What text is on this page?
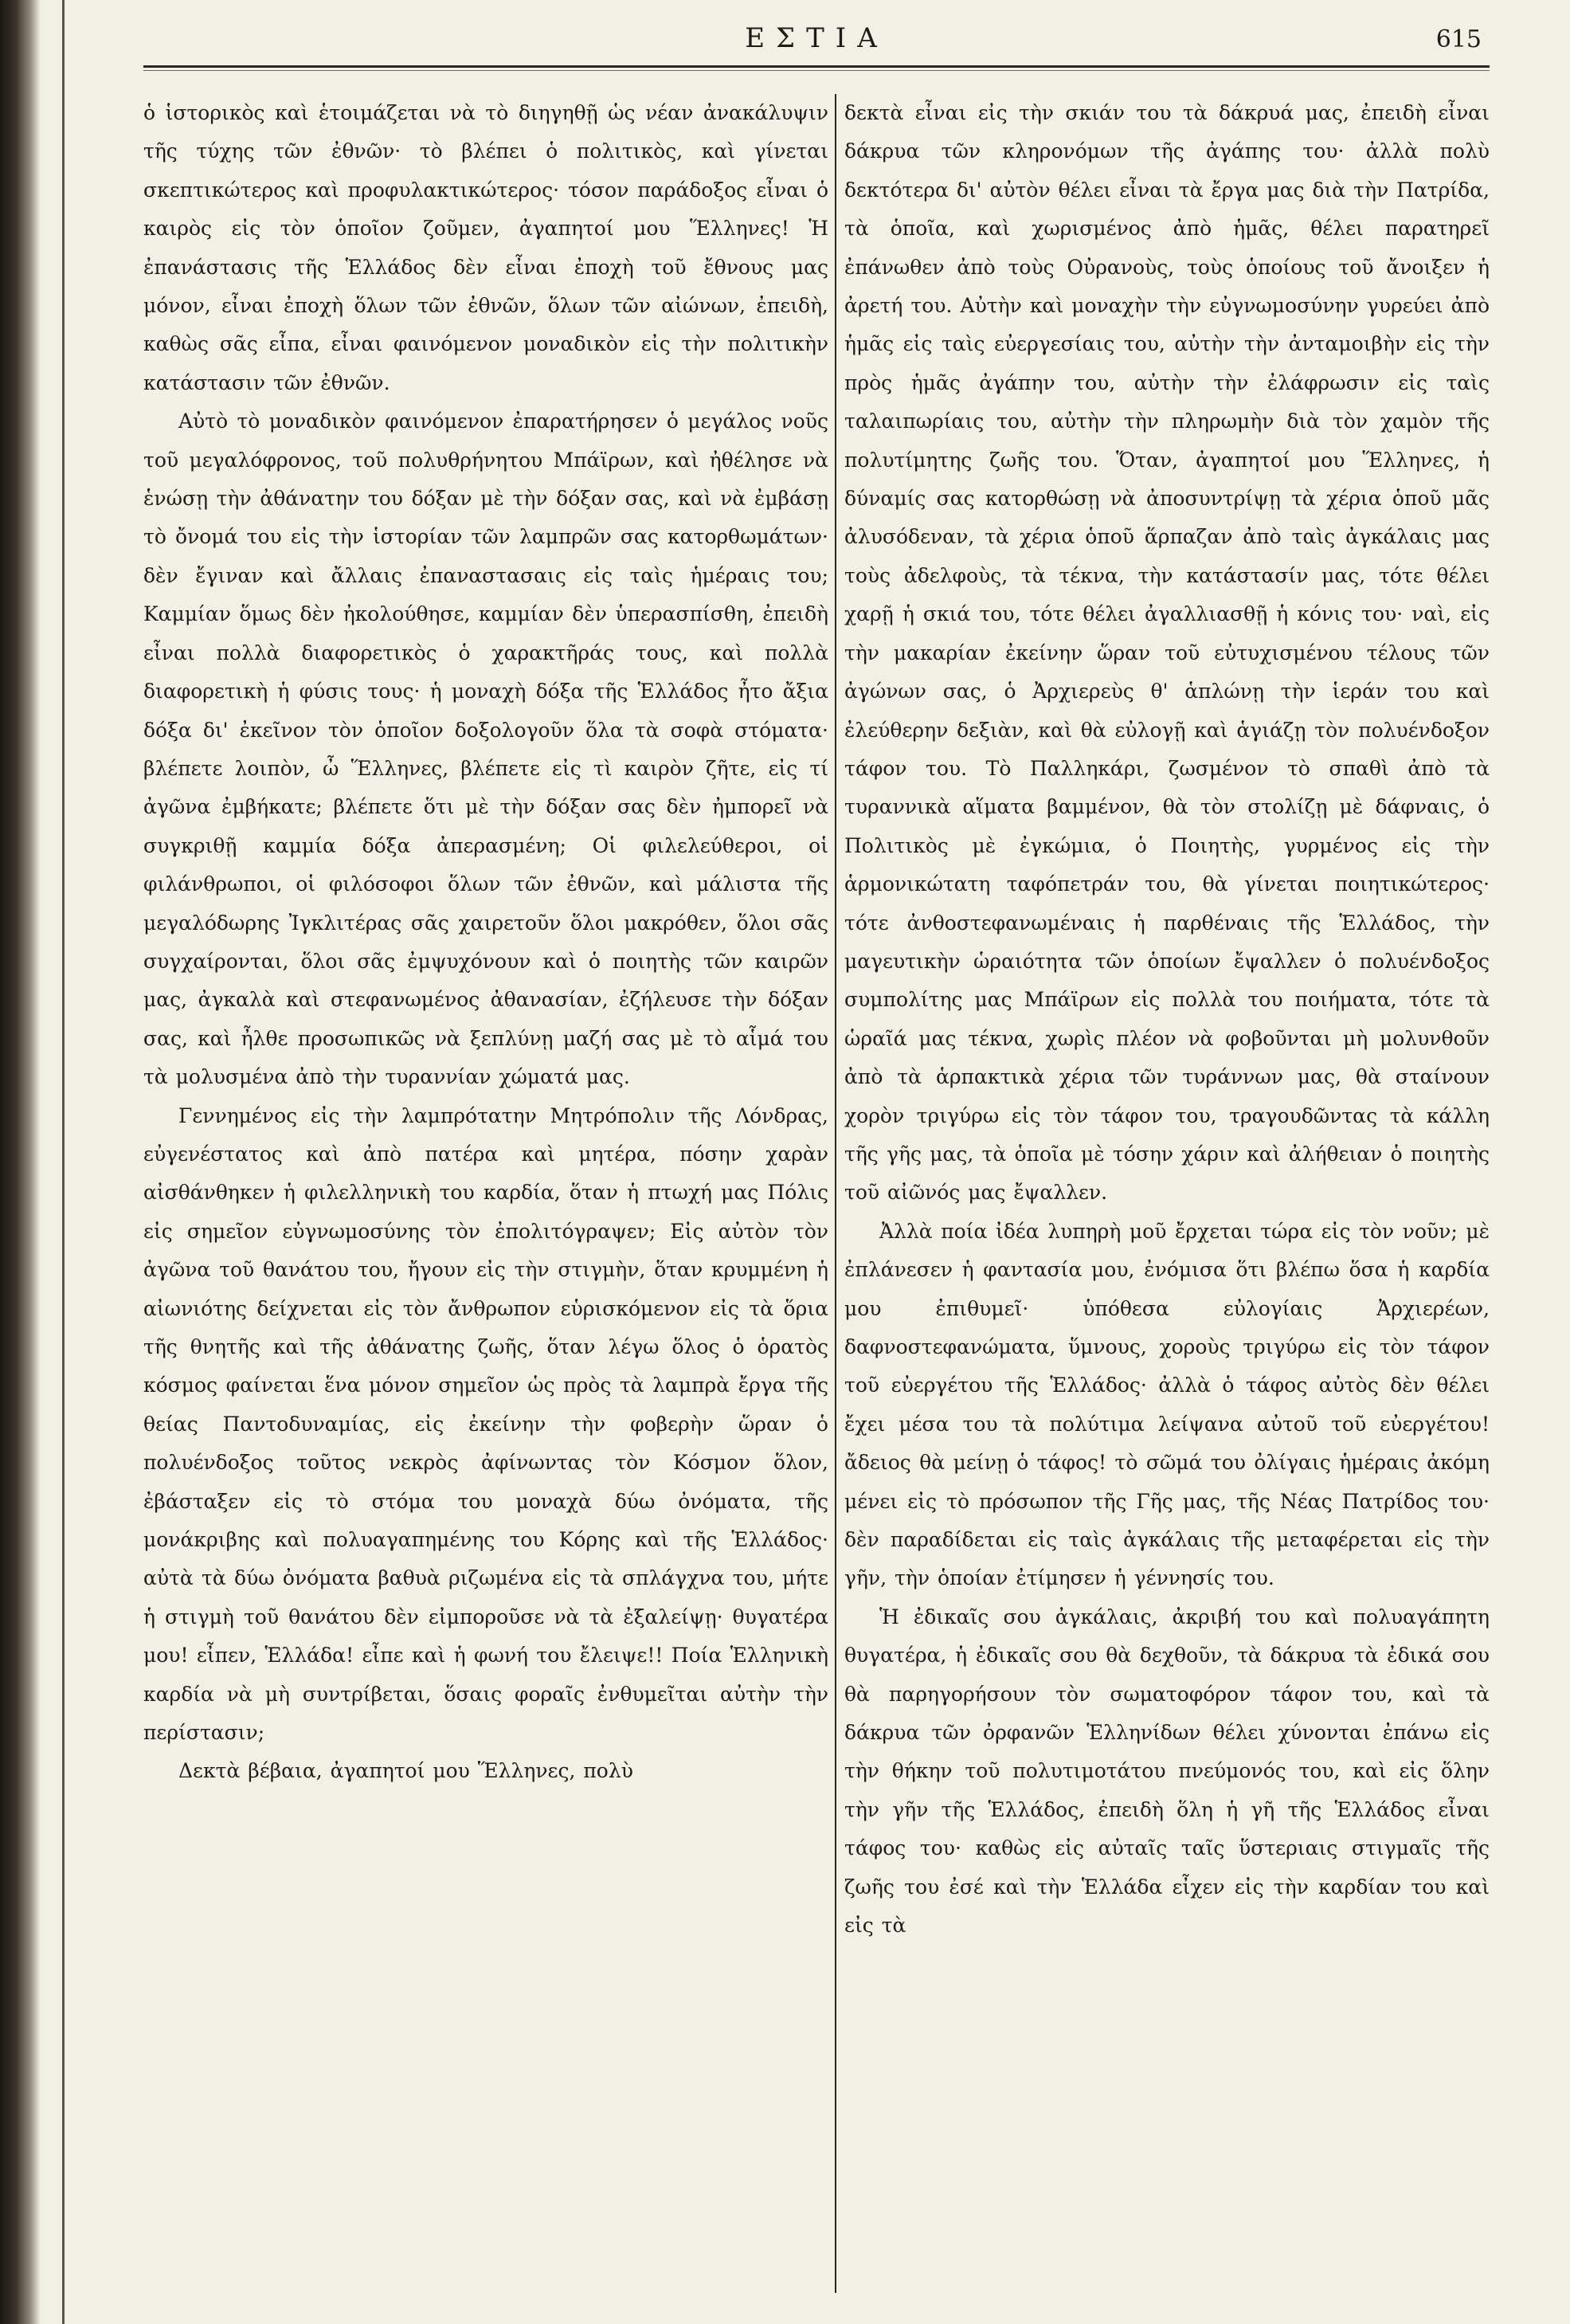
ΕΣΤΙΑ	615

ὁ ἱστορικὸς καὶ ἑτοιμάζεται νὰ τὸ διηγηθῇ ὡς νέαν ἀνακάλυψιν τῆς τύχης τῶν ἐθνῶν· τὸ βλέπει ὁ πολιτικὸς, καὶ γίνεται σκεπτικώτερος καὶ προφυλακτικώτερος· τόσον παράδοξος εἶναι ὁ καιρὸς εἰς τὸν ὁποῖον ζοῦμεν, ἀγαπητοί μου Ἕλληνες! Ἡ ἐπανάστασις τῆς Ἑλλάδος δὲν εἶναι ἐποχὴ τοῦ ἔθνους μας μόνον, εἶναι ἐποχὴ ὅλων τῶν ἐθνῶν, ὅλων τῶν αἰώνων, ἐπειδὴ, καθὼς σᾶς εἶπα, εἶναι φαινόμενον μοναδικὸν εἰς τὴν πολιτικὴν κατάστασιν τῶν ἐθνῶν.

Αὐτὸ τὸ μοναδικὸν φαινόμενον ἐπαρατήρησεν ὁ μεγάλος νοῦς τοῦ μεγαλόφρονος, τοῦ πολυθρήνητου Μπάϊρων, καὶ ἠθέλησε νὰ ἑνώσῃ τὴν ἀθάνατην του δόξαν μὲ τὴν δόξαν σας, καὶ νὰ ἐμβάσῃ τὸ ὄνομά του εἰς τὴν ἱστορίαν τῶν λαμπρῶν σας κατορθωμάτων· δὲν ἔγιναν καὶ ἄλλαις ἐπαναστασαις εἰς ταὶς ἡμέραις του; Καμμίαν ὅμως δὲν ἠκολούθησε, καμμίαν δὲν ὑπερασπίσθη, ἐπειδὴ εἶναι πολλὰ διαφορετικὸς ὁ χαρακτῆράς τους, καὶ πολλὰ διαφορετικὴ ἡ φύσις τους· ἡ μοναχὴ δόξα τῆς Ἑλλάδος ἦτο ἄξια δόξα δι' ἐκεῖνον τὸν ὁποῖον δοξολογοῦν ὅλα τὰ σοφὰ στόματα· βλέπετε λοιπὸν, ὦ Ἕλληνες, βλέπετε εἰς τὶ καιρὸν ζῆτε, εἰς τί ἀγῶνα ἐμβήκατε; βλέπετε ὅτι μὲ τὴν δόξαν σας δὲν ἠμπορεῖ νὰ συγκριθῇ καμμία δόξα ἀπερασμένη; Οἱ φιλελεύθεροι, οἱ φιλάνθρωποι, οἱ φιλόσοφοι ὅλων τῶν ἐθνῶν, καὶ μάλιστα τῆς μεγαλόδωρης Ἰγκλιτέρας σᾶς χαιρετοῦν ὅλοι μακρόθεν, ὅλοι σᾶς συγχαίρονται, ὅλοι σᾶς ἐμψυχόνουν καὶ ὁ ποιητὴς τῶν καιρῶν μας, ἀγκαλὰ καὶ στεφανωμένος ἀθανασίαν, ἐζήλευσε τὴν δόξαν σας, καὶ ἦλθε προσωπικῶς νὰ ξεπλύνῃ μαζή σας μὲ τὸ αἷμά του τὰ μολυσμένα ἀπὸ τὴν τυραννίαν χώματά μας.

Γεννημένος εἰς τὴν λαμπρότατην Μητρόπολιν τῆς Λόνδρας, εὐγενέστατος καὶ ἀπὸ πατέρα καὶ μητέρα, πόσην χαρὰν αἰσθάνθηκεν ἡ φιλελληνικὴ του καρδία, ὅταν ἡ πτωχή μας Πόλις εἰς σημεῖον εὐγνωμοσύνης τὸν ἐπολιτόγραψεν; Εἰς αὐτὸν τὸν ἀγῶνα τοῦ θανάτου του, ἤγουν εἰς τὴν στιγμὴν, ὅταν κρυμμένη ἡ αἰωνιότης δείχνεται εἰς τὸν ἄνθρωπον εὑρισκόμενον εἰς τὰ ὅρια τῆς θνητῆς καὶ τῆς ἀθάνατης ζωῆς, ὅταν λέγω ὅλος ὁ ὁρατὸς κόσμος φαίνεται ἕνα μόνον σημεῖον ὡς πρὸς τὰ λαμπρὰ ἔργα τῆς θείας Παντοδυναμίας, εἰς ἐκείνην τὴν φοβερὴν ὥραν ὁ πολυένδοξος τοῦτος νεκρὸς ἀφίνωντας τὸν Κόσμον ὅλον, ἐβάσταξεν εἰς τὸ στόμα του μοναχὰ δύω ὀνόματα, τῆς μονάκριβης καὶ πολυαγαπημένης του Κόρης καὶ τῆς Ἑλλάδος· αὐτὰ τὰ δύω ὀνόματα βαθυὰ ριζωμένα εἰς τὰ σπλάγχνα του, μήτε ἡ στιγμὴ τοῦ θανάτου δὲν εἰμποροῦσε νὰ τὰ ἐξαλείψῃ· θυγατέρα μου! εἶπεν, Ἑλλάδα! εἶπε καὶ ἡ φωνή του ἔλειψε!! Ποία Ἑλληνικὴ καρδία νὰ μὴ συντρίβεται, ὅσαις φοραῖς ἐνθυμεῖται αὐτὴν τὴν περίστασιν;

Δεκτὰ βέβαια, ἀγαπητοί μου Ἕλληνες, πολὺ

δεκτὰ εἶναι εἰς τὴν σκιάν του τὰ δάκρυά μας, ἐπειδὴ εἶναι δάκρυα τῶν κληρονόμων τῆς ἀγάπης του· ἀλλὰ πολὺ δεκτότερα δι' αὐτὸν θέλει εἶναι τὰ ἔργα μας διὰ τὴν Πατρίδα, τὰ ὁποῖα, καὶ χωρισμένος ἀπὸ ἡμᾶς, θέλει παρατηρεῖ ἐπάνωθεν ἀπὸ τοὺς Οὐρανοὺς, τοὺς ὁποίους τοῦ ἄνοιξεν ἡ ἀρετή του. Αὐτὴν καὶ μοναχὴν τὴν εὐγνωμοσύνην γυρεύει ἀπὸ ἡμᾶς εἰς ταὶς εὐεργεσίαις του, αὐτὴν τὴν ἀνταμοιβὴν εἰς τὴν πρὸς ἡμᾶς ἀγάπην του, αὐτὴν τὴν ἐλάφρωσιν εἰς ταὶς ταλαιπωρίαις του, αὐτὴν τὴν πληρωμὴν διὰ τὸν χαμὸν τῆς πολυτίμητης ζωῆς του. Ὅταν, ἀγαπητοί μου Ἕλληνες, ἡ δύναμίς σας κατορθώσῃ νὰ ἀποσυντρίψῃ τὰ χέρια ὁποῦ μᾶς ἀλυσόδεναν, τὰ χέρια ὁποῦ ἅρπαζαν ἀπὸ ταὶς ἀγκάλαις μας τοὺς ἀδελφοὺς, τὰ τέκνα, τὴν κατάστασίν μας, τότε θέλει χαρῇ ἡ σκιά του, τότε θέλει ἀγαλλιασθῇ ἡ κόνις του· ναὶ, εἰς τὴν μακαρίαν ἐκείνην ὥραν τοῦ εὐτυχισμένου τέλους τῶν ἀγώνων σας, ὁ Ἀρχιερεὺς θ' ἁπλώνῃ τὴν ἱεράν του καὶ ἐλεύθερην δεξιὰν, καὶ θὰ εὐλογῇ καὶ ἁγιάζῃ τὸν πολυένδοξον τάφον του. Τὸ Παλληκάρι, ζωσμένον τὸ σπαθὶ ἀπὸ τὰ τυραννικὰ αἵματα βαμμένον, θὰ τὸν στολίζῃ μὲ δάφναις, ὁ Πολιτικὸς μὲ ἐγκώμια, ὁ Ποιητὴς, γυρμένος εἰς τὴν ἁρμονικώτατη ταφόπετράν του, θὰ γίνεται ποιητικώτερος· τότε ἀνθοστεφανωμέναις ἡ παρθέναις τῆς Ἑλλάδος, τὴν μαγευτικὴν ὡραιότητα τῶν ὁποίων ἔψαλλεν ὁ πολυένδοξος συμπολίτης μας Μπάϊρων εἰς πολλὰ του ποιήματα, τότε τὰ ὡραῖά μας τέκνα, χωρὶς πλέον νὰ φοβοῦνται μὴ μολυνθοῦν ἀπὸ τὰ ἁρπακτικὰ χέρια τῶν τυράννων μας, θὰ σταίνουν χορὸν τριγύρω εἰς τὸν τάφον του, τραγουδῶντας τὰ κάλλη τῆς γῆς μας, τὰ ὁποῖα μὲ τόσην χάριν καὶ ἀλήθειαν ὁ ποιητὴς τοῦ αἰῶνός μας ἔψαλλεν.

Ἀλλὰ ποία ἰδέα λυπηρὴ μοῦ ἔρχεται τώρα εἰς τὸν νοῦν; μὲ ἐπλάνεσεν ἡ φαντασία μου, ἐνόμισα ὅτι βλέπω ὅσα ἡ καρδία μου ἐπιθυμεῖ· ὑπόθεσα εὐλογίαις Ἀρχιερέων, δαφνοστεφανώματα, ὕμνους, χοροὺς τριγύρω εἰς τὸν τάφον τοῦ εὐεργέτου τῆς Ἑλλάδος· ἀλλὰ ὁ τάφος αὐτὸς δὲν θέλει ἔχει μέσα του τὰ πολύτιμα λείψανα αὐτοῦ τοῦ εὐεργέτου! ἄδειος θὰ μείνῃ ὁ τάφος! τὸ σῶμά του ὀλίγαις ἡμέραις ἀκόμη μένει εἰς τὸ πρόσωπον τῆς Γῆς μας, τῆς Νέας Πατρίδος του· δὲν παραδίδεται εἰς ταὶς ἀγκάλαις τῆς μεταφέρεται εἰς τὴν γῆν, τὴν ὁποίαν ἐτίμησεν ἡ γέννησίς του.

Ἡ ἐδικαῖς σου ἀγκάλαις, ἀκριβή του καὶ πολυαγάπητη θυγατέρα, ἡ ἐδικαῖς σου θὰ δεχθοῦν, τὰ δάκρυα τὰ ἐδικά σου θὰ παρηγορήσουν τὸν σωματοφόρον τάφον του, καὶ τὰ δάκρυα τῶν ὀρφανῶν Ἑλληνίδων θέλει χύνονται ἐπάνω εἰς τὴν θήκην τοῦ πολυτιμοτάτου πνεύμονός του, καὶ εἰς ὅλην τὴν γῆν τῆς Ἑλλάδος, ἐπειδὴ ὅλη ἡ γῆ τῆς Ἑλλάδος εἶναι τάφος του· καθὼς εἰς αὐταῖς ταῖς ὕστεριαις στιγμαῖς τῆς ζωῆς του ἐσέ καὶ τὴν Ἑλλάδα εἶχεν εἰς τὴν καρδίαν του καὶ εἰς τὰ
